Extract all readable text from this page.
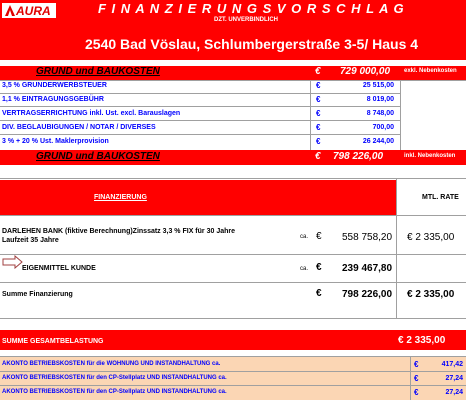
AURA	F I N A N Z I E R U N G S V O R S C H L A G
DZT. UNVERBINDLICH
2540 Bad Vöslau, Schlumbergerstraße 3-5/ Haus 4
GRUND und BAUKOSTEN	€ 729 000,00 exkl. Nebenkosten
3,5 % GRUNDERWERBSTEUER	€	25 515,00
1,1 % EINTRAGUNGSGEBÜHR	€	8 019,00
VERTRAGSERRICHTUNG inkl. Ust. excl. Barauslagen	€	8 748,00
DIV. BEGLAUBIGUNGEN / NOTAR / DIVERSES	€	700,00
3 % + 20 % Ust. Maklerprovision	€	26 244,00
GRUND und BAUKOSTEN	€ 798 226,00	inkl. Nebenkosten
FINANZIERUNG	MTL. RATE
DARLEHEN BANK (fiktive Berechnung)Zinssatz 3,3 % FIX für 30 Jahre
Laufzeit 35 Jahre	ca. € 558 758,20 € 2 335,00
EIGENMITTEL KUNDE	ca. € 239 467,80
Summe Finanzierung	€ 798 226,00 € 2 335,00
SUMME GESAMTBELASTUNG	€ 2 335,00
AKONTO BETRIEBSKOSTEN für die WOHNUNG UND INSTANDHALTUNG ca.	€	417,42
AKONTO BETRIEBSKOSTEN für den CP-Stellplatz UND INSTANDHALTUNG ca.	€	27,24
AKONTO BETRIEBSKOSTEN für den CP-Stellplatz UND INSTANDHALTUNG ca.	€	27,24
